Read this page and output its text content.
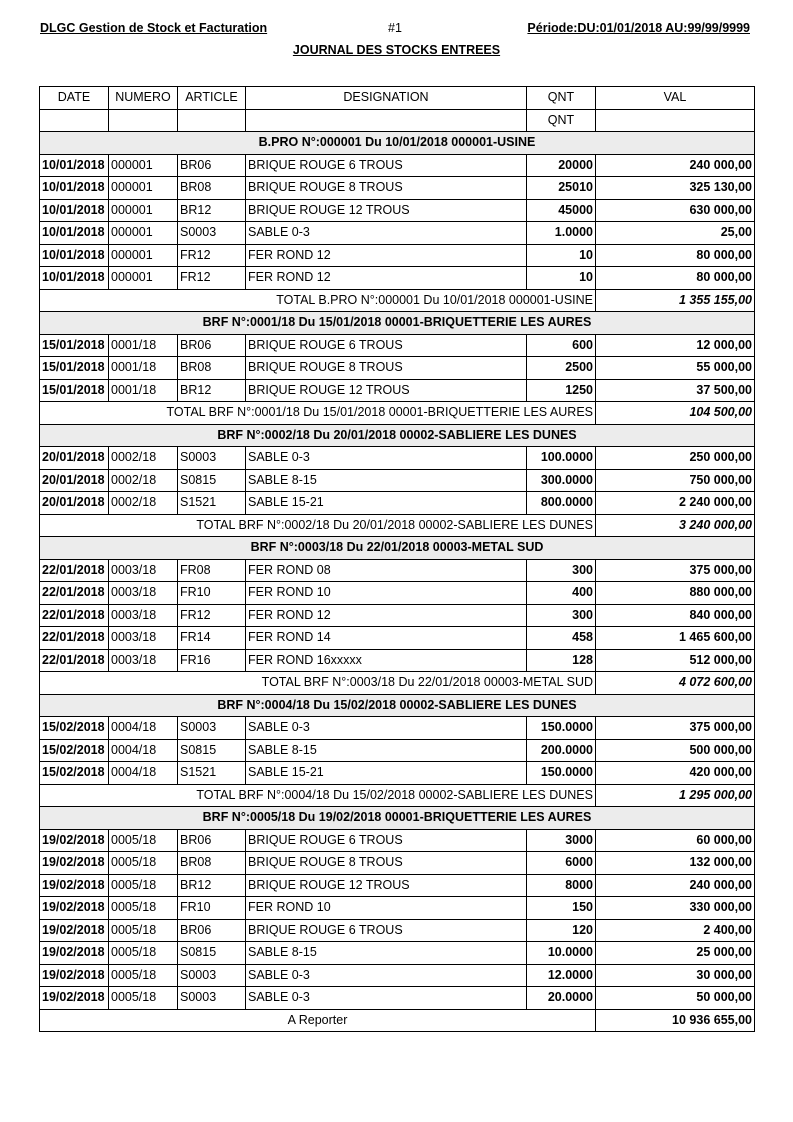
DLGC Gestion de Stock et Facturation	#1	Période:DU:01/01/2018 AU:99/99/9999
JOURNAL DES STOCKS ENTREES
DATE	NUMERO	ARTICLE	DESIGNATION	QNT	VAL
				QNT	
B.PRO N°:000001 Du 10/01/2018 000001-USINE					
10/01/2018	000001	BR06	BRIQUE ROUGE 6 TROUS	20000	240 000,00
10/01/2018	000001	BR08	BRIQUE ROUGE 8 TROUS	25010	325 130,00
10/01/2018	000001	BR12	BRIQUE ROUGE 12 TROUS	45000	630 000,00
10/01/2018	000001	S0003	SABLE 0-3	1.0000	25,00
10/01/2018	000001	FR12	FER ROND 12	10	80 000,00
10/01/2018	000001	FR12	FER ROND 12	10	80 000,00
TOTAL B.PRO N°:000001 Du 10/01/2018 000001-USINE					1 355 155,00
BRF N°:0001/18 Du 15/01/2018 00001-BRIQUETTERIE LES AURES					
15/01/2018	0001/18	BR06	BRIQUE ROUGE 6 TROUS	600	12 000,00
15/01/2018	0001/18	BR08	BRIQUE ROUGE 8 TROUS	2500	55 000,00
15/01/2018	0001/18	BR12	BRIQUE ROUGE 12 TROUS	1250	37 500,00
TOTAL BRF N°:0001/18 Du 15/01/2018 00001-BRIQUETTERIE LES AURES					104 500,00
BRF N°:0002/18 Du 20/01/2018 00002-SABLIERE LES DUNES					
20/01/2018	0002/18	S0003	SABLE 0-3	100.0000	250 000,00
20/01/2018	0002/18	S0815	SABLE 8-15	300.0000	750 000,00
20/01/2018	0002/18	S1521	SABLE 15-21	800.0000	2 240 000,00
TOTAL BRF N°:0002/18 Du 20/01/2018 00002-SABLIERE LES DUNES					3 240 000,00
BRF N°:0003/18 Du 22/01/2018 00003-METAL SUD					
22/01/2018	0003/18	FR08	FER ROND 08	300	375 000,00
22/01/2018	0003/18	FR10	FER ROND 10	400	880 000,00
22/01/2018	0003/18	FR12	FER ROND 12	300	840 000,00
22/01/2018	0003/18	FR14	FER ROND 14	458	1 465 600,00
22/01/2018	0003/18	FR16	FER ROND 16xxxxx	128	512 000,00
TOTAL BRF N°:0003/18 Du 22/01/2018 00003-METAL SUD					4 072 600,00
BRF N°:0004/18 Du 15/02/2018 00002-SABLIERE LES DUNES					
15/02/2018	0004/18	S0003	SABLE 0-3	150.0000	375 000,00
15/02/2018	0004/18	S0815	SABLE 8-15	200.0000	500 000,00
15/02/2018	0004/18	S1521	SABLE 15-21	150.0000	420 000,00
TOTAL BRF N°:0004/18 Du 15/02/2018 00002-SABLIERE LES DUNES					1 295 000,00
BRF N°:0005/18 Du 19/02/2018 00001-BRIQUETTERIE LES AURES					
19/02/2018	0005/18	BR06	BRIQUE ROUGE 6 TROUS	3000	60 000,00
19/02/2018	0005/18	BR08	BRIQUE ROUGE 8 TROUS	6000	132 000,00
19/02/2018	0005/18	BR12	BRIQUE ROUGE 12 TROUS	8000	240 000,00
19/02/2018	0005/18	FR10	FER ROND 10	150	330 000,00
19/02/2018	0005/18	BR06	BRIQUE ROUGE 6 TROUS	120	2 400,00
19/02/2018	0005/18	S0815	SABLE 8-15	10.0000	25 000,00
19/02/2018	0005/18	S0003	SABLE 0-3	12.0000	30 000,00
19/02/2018	0005/18	S0003	SABLE 0-3	20.0000	50 000,00
A Reporter					10 936 655,00
